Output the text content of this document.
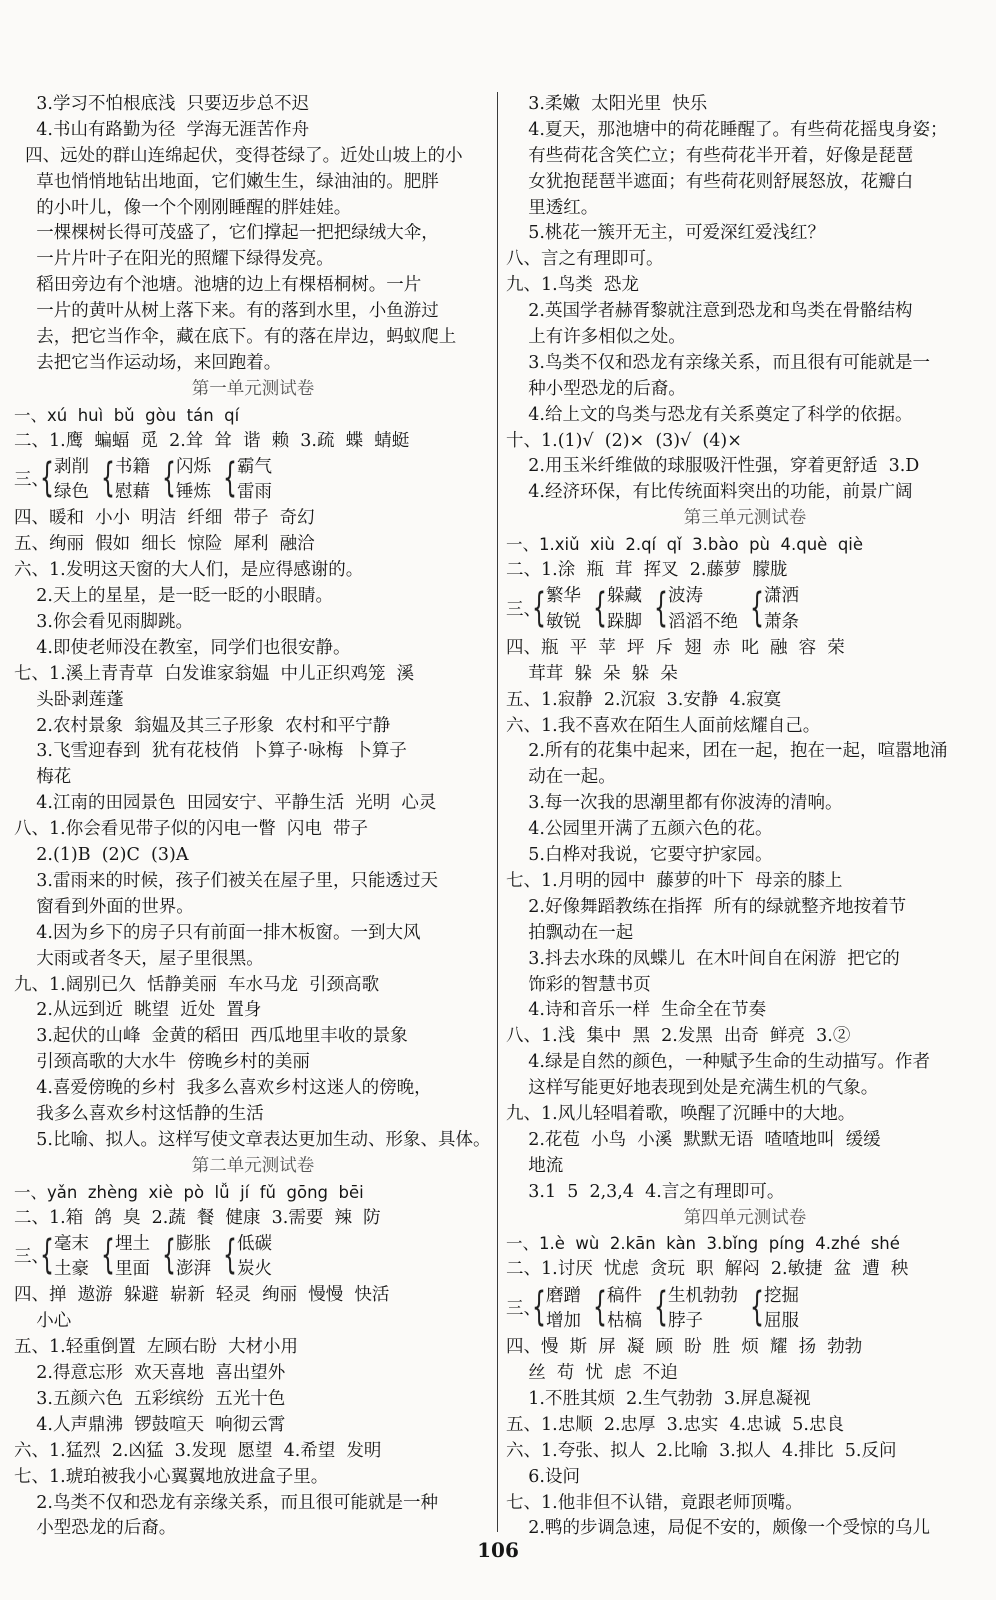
3.学习不怕根底浅  只要迈步总不迟
4.书山有路勤为径  学海无涯苦作舟
四、远处的群山连绵起伏，变得苍绿了。近处山坡上的小
草也悄悄地钻出地面，它们嫩生生，绿油油的。肥胖
的小叶儿，像一个个刚刚睡醒的胖娃娃。
一棵棵树长得可茂盛了，它们撑起一把把绿绒大伞，
一片片叶子在阳光的照耀下绿得发亮。
稻田旁边有个池塘。池塘的边上有棵梧桐树。一片
一片的黄叶从树上落下来。有的落到水里，小鱼游过
去，把它当作伞，藏在底下。有的落在岸边，蚂蚁爬上
去把它当作运动场，来回跑着。
第一单元测试卷
一、xú  huì  bǔ  gòu  tán  qí
二、1.鹰  蝙蝠  觅  2.耸  耸  谐  赖  3.疏  蝶  蜻蜓
三、
{ 剥削
绿色 { 书籍
慰藉 { 闪烁
锤炼 { 霸气
雷雨
四、暖和  小小  明洁  纤细  带子  奇幻
五、绚丽  假如  细长  惊险  犀利  融洽
六、1.发明这天窗的大人们，是应得感谢的。
2.天上的星星，是一眨一眨的小眼睛。
3.你会看见雨脚跳。
4.即使老师没在教室，同学们也很安静。
七、1.溪上青青草  白发谁家翁媪  中儿正织鸡笼  溪
头卧剥莲蓬
2.农村景象  翁媪及其三子形象  农村和平宁静
3.飞雪迎春到  犹有花枝俏  卜算子·咏梅  卜算子
梅花
4.江南的田园景色  田园安宁、平静生活  光明  心灵
八、1.你会看见带子似的闪电一瞥  闪电  带子
2.(1)B  (2)C  (3)A
3.雷雨来的时候，孩子们被关在屋子里，只能透过天
窗看到外面的世界。
4.因为乡下的房子只有前面一排木板窗。一到大风
大雨或者冬天，屋子里很黑。
九、1.阔别已久  恬静美丽  车水马龙  引颈高歌
2.从远到近  眺望  近处  置身
3.起伏的山峰  金黄的稻田  西瓜地里丰收的景象
引颈高歌的大水牛  傍晚乡村的美丽
4.喜爱傍晚的乡村  我多么喜欢乡村这迷人的傍晚，
我多么喜欢乡村这恬静的生活
5.比喻、拟人。这样写使文章表达更加生动、形象、具体。
第二单元测试卷
一、yǎn  zhèng  xiè  pò  lǚ  jí  fǔ  gōng  bēi
二、1.箱  鸽  臭  2.蔬  餐  健康  3.需要  辣  防
三、
{ 毫末
土豪 { 埋土
里面 { 膨胀
澎湃 { 低碳
炭火
四、掸  遨游  躲避  崭新  轻灵  绚丽  慢慢  快活
小心
五、1.轻重倒置  左顾右盼  大材小用
2.得意忘形  欢天喜地  喜出望外
3.五颜六色  五彩缤纷  五光十色
4.人声鼎沸  锣鼓喧天  响彻云霄
六、1.猛烈  2.凶猛  3.发现  愿望  4.希望  发明
七、1.琥珀被我小心翼翼地放进盒子里。
2.鸟类不仅和恐龙有亲缘关系，而且很可能就是一种
小型恐龙的后裔。
3.柔嫩  太阳光里  快乐
4.夏天，那池塘中的荷花睡醒了。有些荷花摇曳身姿；
有些荷花含笑伫立；有些荷花半开着，好像是琵琶
女犹抱琵琶半遮面；有些荷花则舒展怒放，花瓣白
里透红。
5.桃花一簇开无主，可爱深红爱浅红？
八、言之有理即可。
九、1.鸟类  恐龙
2.英国学者赫胥黎就注意到恐龙和鸟类在骨骼结构
上有许多相似之处。
3.鸟类不仅和恐龙有亲缘关系，而且很有可能就是一
种小型恐龙的后裔。
4.给上文的鸟类与恐龙有关系奠定了科学的依据。
十、1.(1)√  (2)×  (3)√  (4)×
2.用玉米纤维做的球服吸汗性强，穿着更舒适  3.D
4.经济环保，有比传统面料突出的功能，前景广阔
第三单元测试卷
一、1.xiǔ  xiù  2.qí  qǐ  3.bào  pù  4.què  qiè
二、1.涂  瓶  茸  挥叉  2.藤萝  朦胧
三、
{ 繁华
敏锐 { 躲藏
跺脚 { 波涛
滔滔不绝 { 潇洒
萧条
四、瓶  平  苹  坪  斥  翅  赤  叱  融  容  荣
茸茸  躲  朵  躲  朵
五、1.寂静  2.沉寂  3.安静  4.寂寞
六、1.我不喜欢在陌生人面前炫耀自己。
2.所有的花集中起来，团在一起，抱在一起，喧嚣地涌
动在一起。
3.每一次我的思潮里都有你波涛的清响。
4.公园里开满了五颜六色的花。
5.白桦对我说，它要守护家园。
七、1.月明的园中  藤萝的叶下  母亲的膝上
2.好像舞蹈教练在指挥  所有的绿就整齐地按着节
拍飘动在一起
3.抖去水珠的凤蝶儿  在木叶间自在闲游  把它的
饰彩的智慧书页
4.诗和音乐一样  生命全在节奏
八、1.浅  集中  黑  2.发黑  出奇  鲜亮  3.②
4.绿是自然的颜色，一种赋予生命的生动描写。作者
这样写能更好地表现到处是充满生机的气象。
九、1.风儿轻唱着歌，唤醒了沉睡中的大地。
2.花苞  小鸟  小溪  默默无语  喳喳地叫  缓缓
地流
3.1  5  2,3,4  4.言之有理即可。
第四单元测试卷
一、1.è  wù  2.kān  kàn  3.bǐng  píng  4.zhé  shé
二、1.讨厌  忧虑  贪玩  职  解闷  2.敏捷  盆  遭  秧
三、
{ 磨蹭
增加 { 稿件
枯槁 { 生机勃勃
脖子	{ 挖掘
屈服
四、慢  斯  屏  凝  顾  盼  胜  烦  耀  扬  勃勃
丝  苟  忧  虑  不迫
1.不胜其烦  2.生气勃勃  3.屏息凝视
五、1.忠顺  2.忠厚  3.忠实  4.忠诚  5.忠良
六、1.夸张、拟人  2.比喻  3.拟人  4.排比  5.反问
6.设问
七、1.他非但不认错，竟跟老师顶嘴。
2.鸭的步调急速，局促不安的，颇像一个受惊的乌儿
106
